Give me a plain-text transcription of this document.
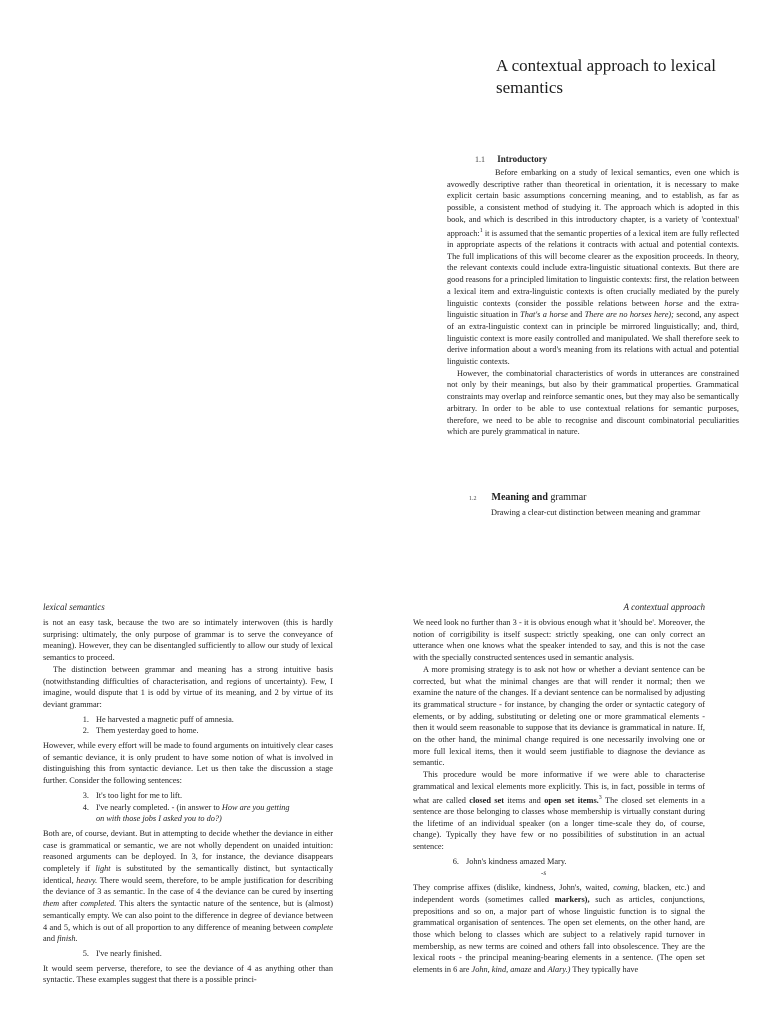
A contextual approach to lexical semantics
1.1 Introductory

Before embarking on a study of lexical semantics, even one which is avowedly descriptive rather than theoretical in orientation, it is necessary to make explicit certain basic assumptions concerning meaning, and to establish, as far as possible, a consistent method of studying it. The approach which is adopted in this book, and which is described in this introductory chapter, is a variety of 'contextual' approach:$^1$ it is assumed that the semantic properties of a lexical item are fully reflected in appropriate aspects of the relations it contracts with actual and potential contexts. The full implications of this will become clearer as the exposition proceeds. In theory, the relevant contexts could include extra-linguistic situational contexts. But there are good reasons for a principled limitation to linguistic contexts: first, the relation between a lexical item and extra-linguistic contexts is often crucially mediated by the purely linguistic contexts (consider the possible relations between horse and the extra-linguistic situation in That's a horse and There are no horses here); second, any aspect of an extra-linguistic context can in principle be mirrored linguistically; and, third, linguistic context is more easily controlled and manipulated. We shall therefore seek to derive information about a word's meaning from its relations with actual and potential linguistic contexts.

However, the combinatorial characteristics of words in utterances are constrained not only by their meanings, but also by their grammatical properties. Grammatical constraints may overlap and reinforce semantic ones, but they may also be semantically arbitrary. In order to be able to use contextual relations for semantic purposes, therefore, we need to be able to recognise and discount combinatorial peculiarities which are purely grammatical in nature.

1.2 Meaning and grammar

Drawing a clear-cut distinction between meaning and grammar

lexical semantics

is not an easy task, because the two are so intimately interwoven (this is hardly surprising: ultimately, the only purpose of grammar is to serve the conveyance of meaning). However, they can be disentangled sufficiently to allow our study of lexical semantics to proceed.

The distinction between grammar and meaning has a strong intuitive basis (notwithstanding difficulties of characterisation, and regions of uncertainty). Few, I imagine, would dispute that 1 is odd by virtue of its meaning, and 2 by virtue of its deviant grammar:

1. He harvested a magnetic puff of amnesia.
2. Them yesterday goed to home.

However, while every effort will be made to found arguments on intuitively clear cases of semantic deviance, it is only prudent to have some notion of what is involved in distinguishing this from syntactic deviance. Let us then take the discussion a stage further. Consider the following sentences:

3. It's too light for me to lift.
4. I've nearly completed. - (in answer to How are you getting
on with those jobs I asked you to do?)

Both are, of course, deviant. But in attempting to decide whether the deviance in either case is grammatical or semantic, we are not wholly dependent on unaided intuition: reasoned arguments can be deployed. In 3, for instance, the deviance disappears completely if light is substituted by the semantically distinct, but syntactically identical, heavy. There would seem, therefore, to be ample justification for describing the deviance of 3 as semantic. In the case of 4 the deviance can be cured by inserting them after completed. This alters the syntactic nature of the sentence, but is (almost) semantically empty. We can also point to the difference in degree of deviance between 4 and 5, which is out of all proportion to any difference of meaning between complete and finish.

5. I've nearly finished.

It would seem perverse, therefore, to see the deviance of 4 as anything other than syntactic. These examples suggest that there is a possible princi-

A contextual approach

We need look no further than 3 - it is obvious enough what it 'should be'. Moreover, the notion of corrigibility is itself suspect: strictly speaking, one can only correct an utterance when one knows what the speaker intended to say, and this is not the case with the specially constructed sentences used in semantic analysis.

A more promising strategy is to ask not how or whether a deviant sentence can be corrected, but what the minimal changes are that will render it normal; then we examine the nature of the changes. If a deviant sentence can be normalised by adjusting its grammatical structure - for instance, by changing the order or syntactic category of elements, or by adding, substituting or deleting one or more grammatical elements - then it would seem reasonable to suppose that its deviance is grammatical in nature. If, on the other hand, the minimal change required is one necessarily involving one or more full lexical items, then it would seem justifiable to diagnose the deviance as semantic.

This procedure would be more informative if we were able to characterise grammatical and lexical elements more explicitly. This is, in fact, possible in terms of what are called closed set items and open set items.$^3$ The closed set elements in a sentence are those belonging to classes whose membership is virtually constant during the lifetime of an individual speaker (on a longer time-scale they do, of course, change). Typically they have few or no possibilities of substitution in an actual sentence:

6. John's kindness amazed Mary.
-s

They comprise affixes (dislike, kindness, John's, waited, coming, blacken, etc.) and independent words (sometimes called markers), such as articles, conjunctions, prepositions and so on, a major part of whose linguistic function is to signal the grammatical organisation of sentences. The open set elements, on the other hand, are those which belong to classes which are subject to a relatively rapid turnover in membership, as new terms are coined and others fall into obsolescence. They are the lexical roots - the principal meaning-bearing elements in a sentence. (The open set elements in 6 are John, kind, amaze and Alary.) They typically have
